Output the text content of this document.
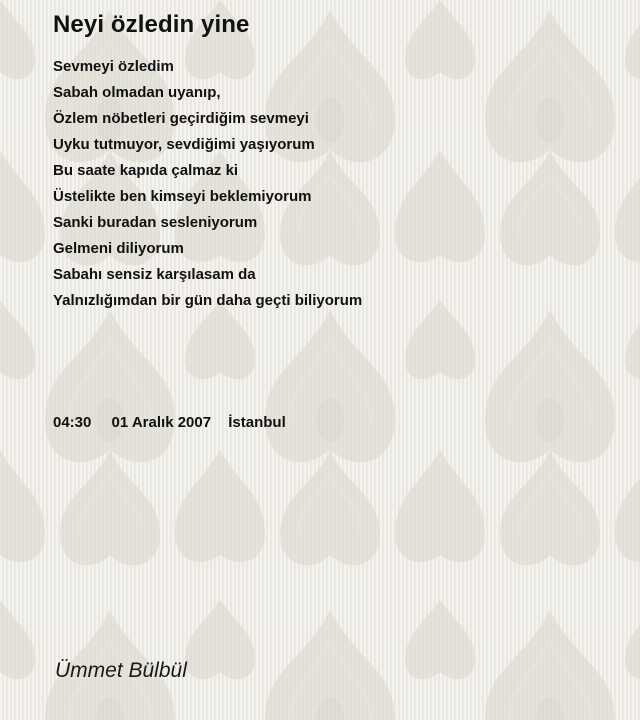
Neyi özledin yine
Sevmeyi özledim
Sabah olmadan uyanıp,
Özlem nöbetleri geçirdiğim sevmeyi
Uyku tutmuyor, sevdiğimi yaşıyorum
Bu saate kapıda çalmaz ki
Üstelikte ben kimseyi beklemiyorum
Sanki buradan sesleniyorum
Gelmeni diliyorum
Sabahı sensiz karşılasam da
Yalnızlığımdan bir gün daha geçti biliyorum
04:30 01 Aralık 2007 İstanbul
Ümmet Bülbül
